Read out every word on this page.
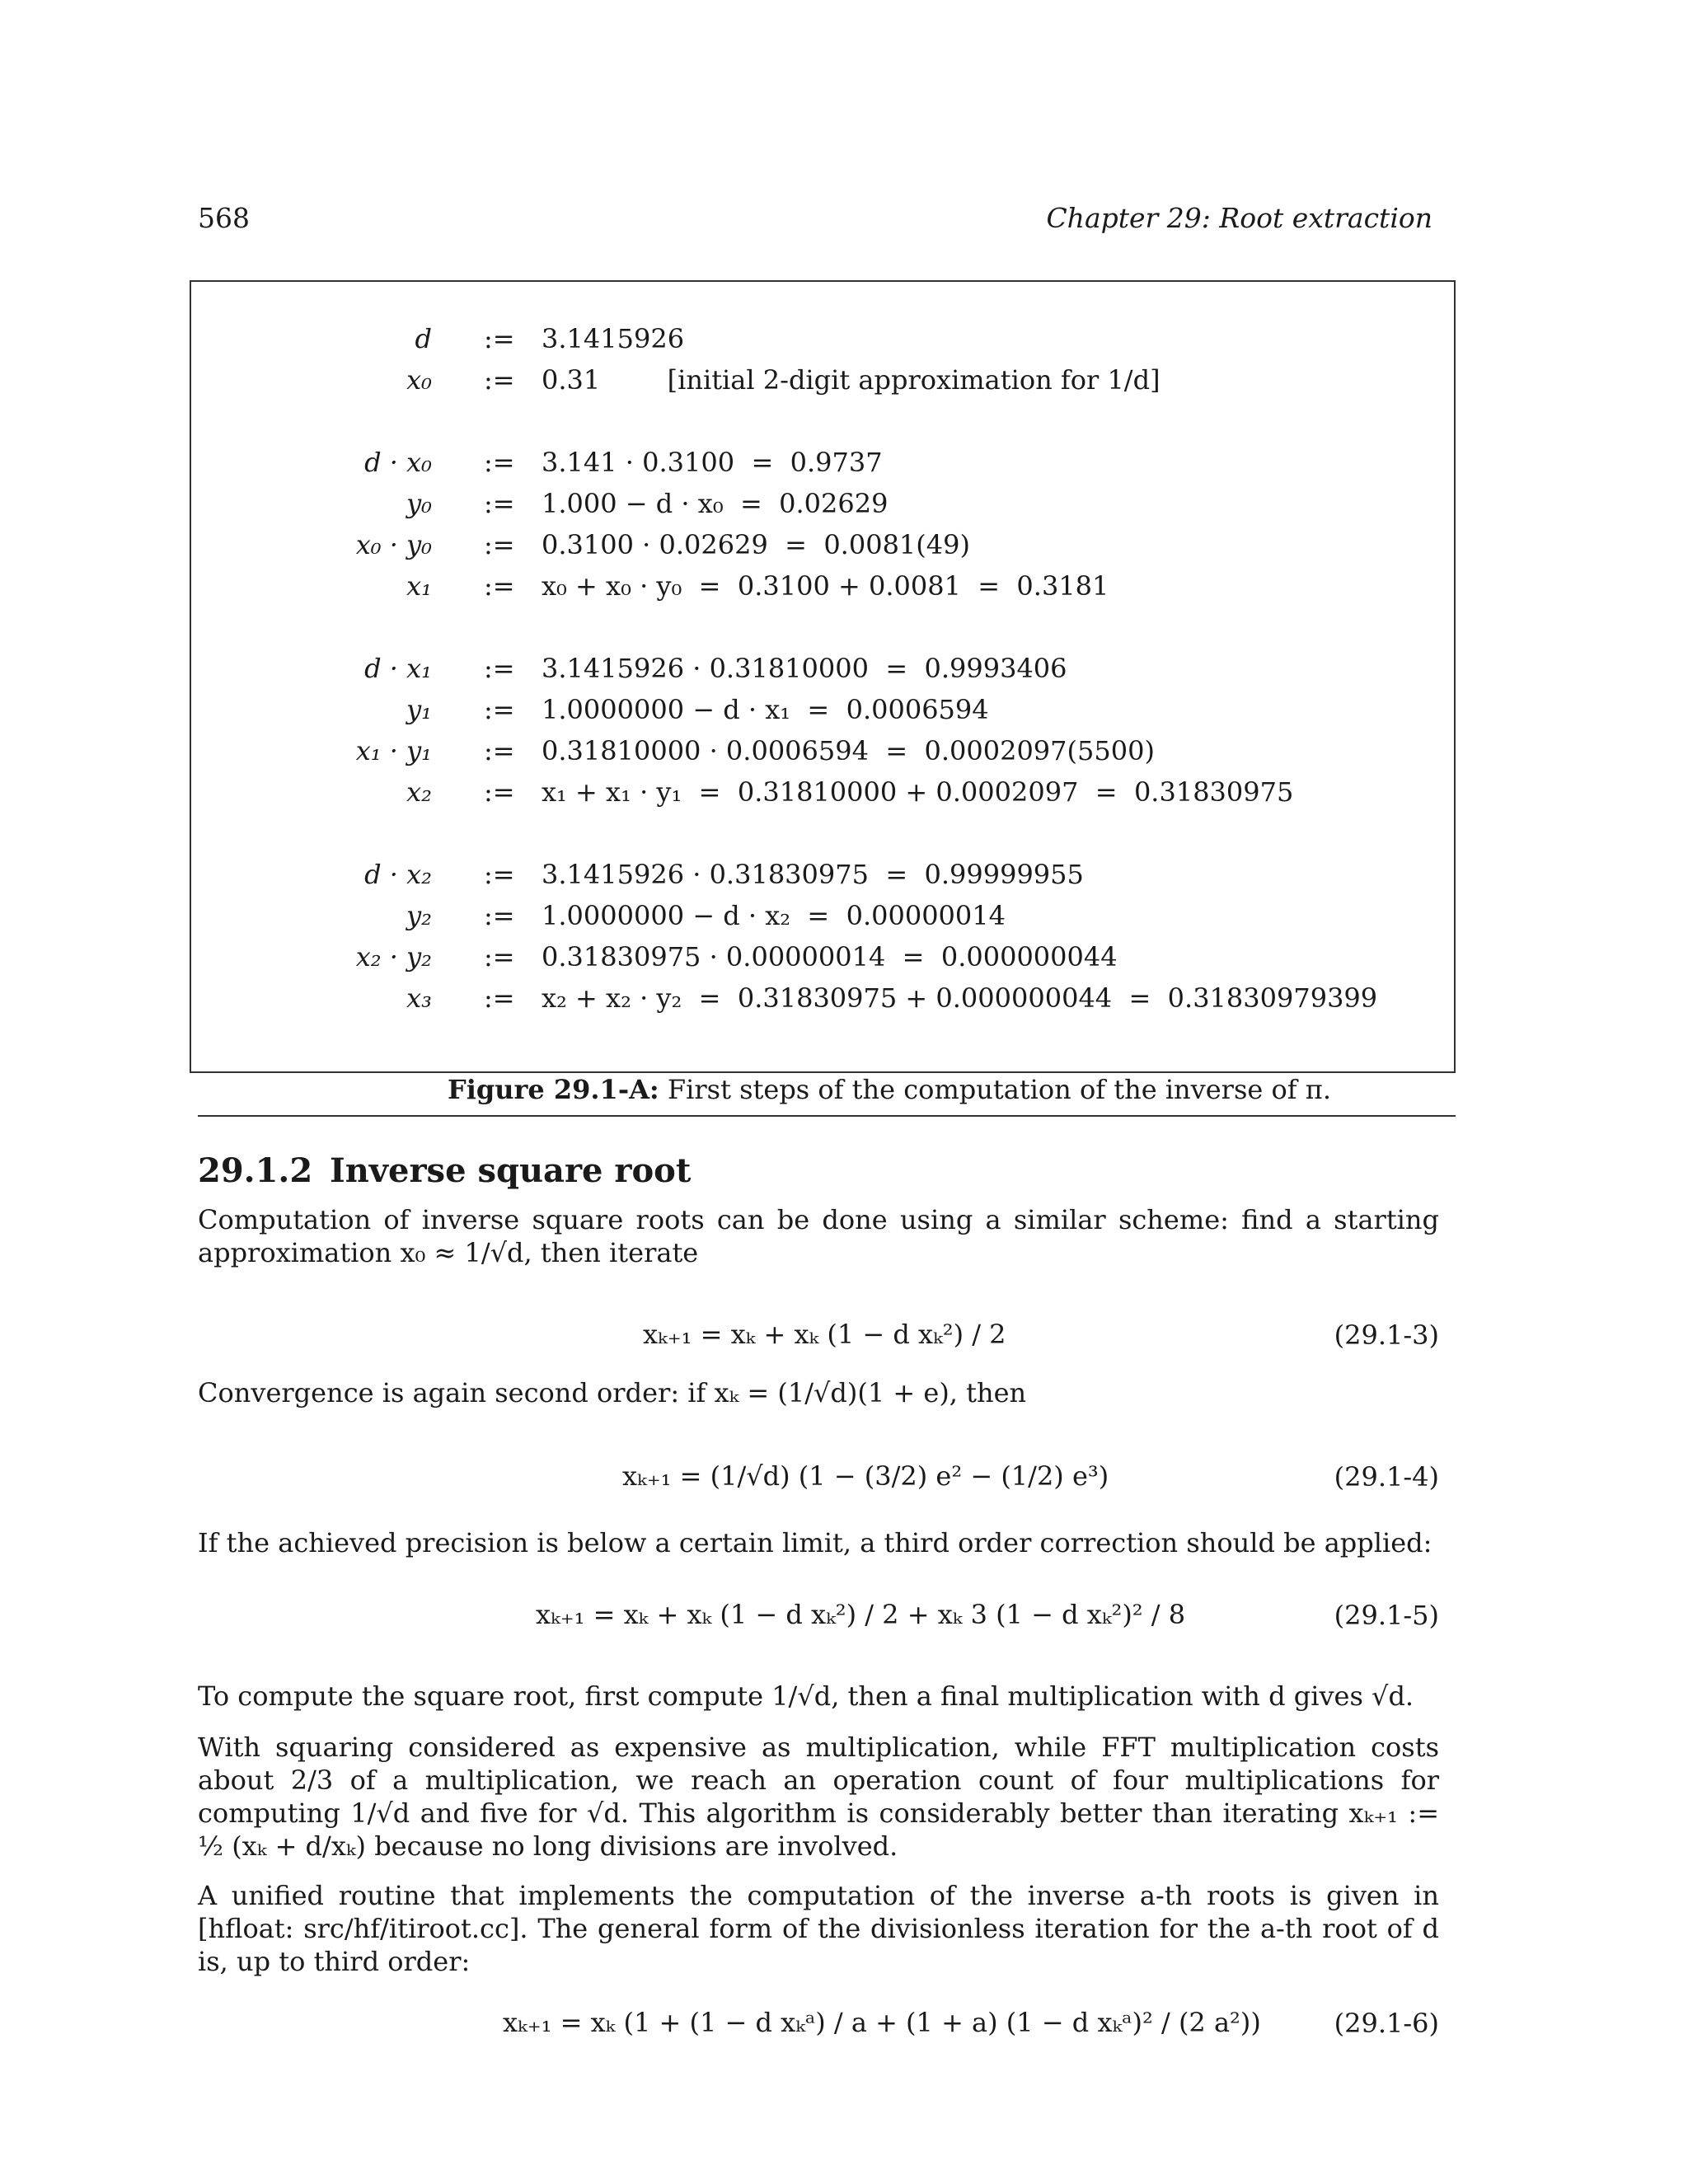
568	Chapter 29: Root extraction
d := 3.1415926
x₀ := 0.31        [initial 2-digit approximation for 1/d]
d · x₀ := 3.141 · 0.3100  =  0.9737
y₀ := 1.000 − d · x₀  =  0.02629
x₀ · y₀ := 0.3100 · 0.02629  =  0.0081(49)
x₁ := x₀ + x₀ · y₀  =  0.3100 + 0.0081  =  0.3181
d · x₁ := 3.1415926 · 0.31810000  =  0.9993406
y₁ := 1.0000000 − d · x₁  =  0.0006594
x₁ · y₁ := 0.31810000 · 0.0006594  =  0.0002097(5500)
x₂ := x₁ + x₁ · y₁  =  0.31810000 + 0.0002097  =  0.31830975
d · x₂ := 3.1415926 · 0.31830975  =  0.99999955
y₂ := 1.0000000 − d · x₂  =  0.00000014
x₂ · y₂ := 0.31830975 · 0.00000014  =  0.000000044
x₃ := x₂ + x₂ · y₂  =  0.31830975 + 0.000000044  =  0.31830979399
Figure 29.1-A: First steps of the computation of the inverse of π.
29.1.2 Inverse square root
Computation of inverse square roots can be done using a similar scheme: find a starting approximation x₀ ≈ 1/√d, then iterate
xₖ₊₁ = xₖ + xₖ (1 − d xₖ²) / 2	(29.1-3)
Convergence is again second order: if xₖ = (1/√d)(1 + e), then
xₖ₊₁ = (1/√d) (1 − (3/2) e² − (1/2) e³)	(29.1-4)
If the achieved precision is below a certain limit, a third order correction should be applied:
xₖ₊₁ = xₖ + xₖ (1 − d xₖ²) / 2 + xₖ 3 (1 − d xₖ²)² / 8	(29.1-5)
To compute the square root, first compute 1/√d, then a final multiplication with d gives √d.
With squaring considered as expensive as multiplication, while FFT multiplication costs about 2/3 of a multiplication, we reach an operation count of four multiplications for computing 1/√d and five for √d. This algorithm is considerably better than iterating xₖ₊₁ := ½ (xₖ + d/xₖ) because no long divisions are involved.
A unified routine that implements the computation of the inverse a-th roots is given in [hfloat: src/hf/itiroot.cc]. The general form of the divisionless iteration for the a-th root of d is, up to third order:
xₖ₊₁ = xₖ (1 + (1 − d xₖᵃ) / a + (1 + a) (1 − d xₖᵃ)² / (2 a²))	(29.1-6)
